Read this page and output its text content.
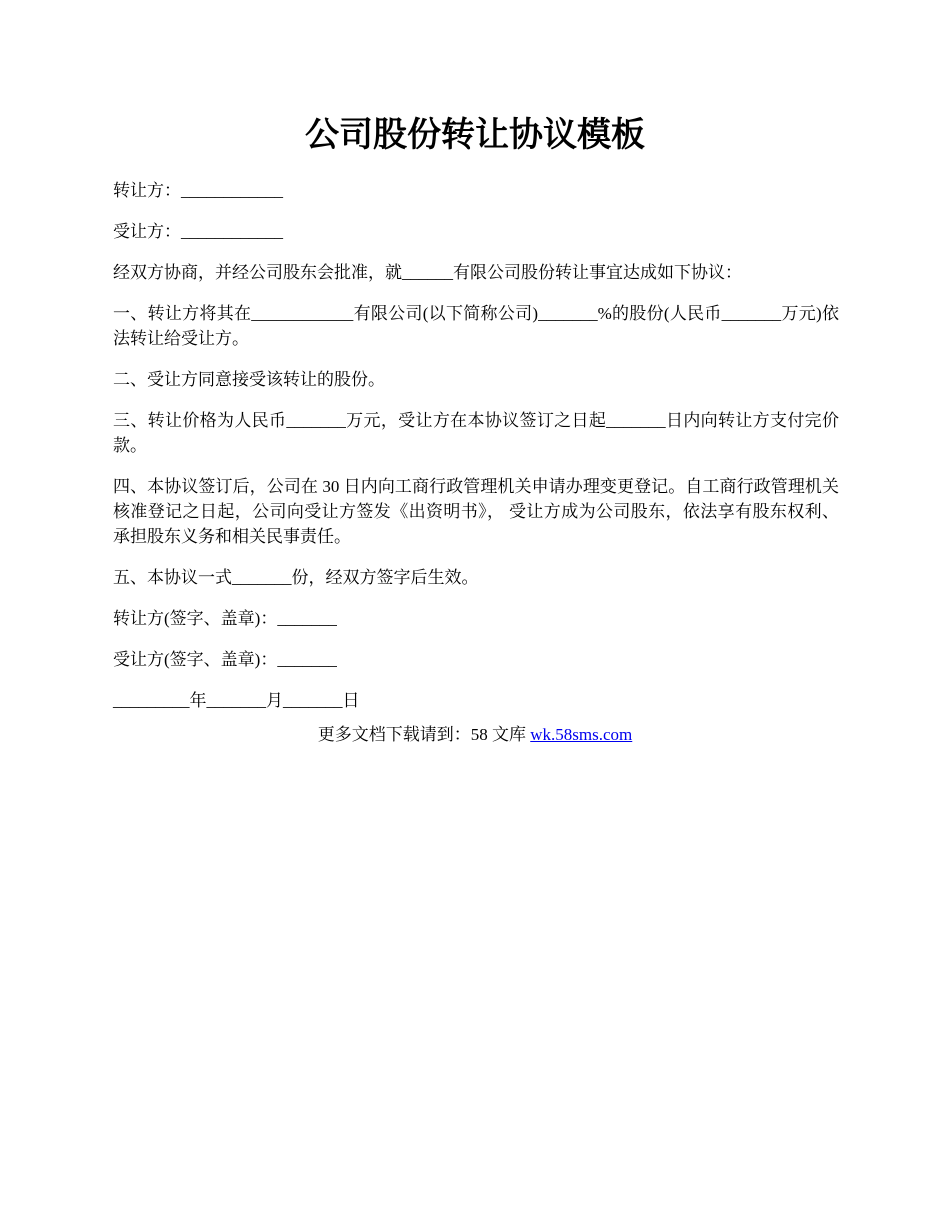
公司股份转让协议模板

转让方：____________

受让方：____________

经双方协商，并经公司股东会批准，就______有限公司股份转让事宜达成如下协议：

一、转让方将其在____________有限公司(以下简称公司)_______%的股份(人民币_______万元)依法转让给受让方。

二、受让方同意接受该转让的股份。

三、转让价格为人民币_______万元，受让方在本协议签订之日起_______日内向转让方支付完价款。

四、本协议签订后，公司在 30 日内向工商行政管理机关申请办理变更登记。自工商行政管理机关核准登记之日起，公司向受让方签发《出资明书》， 受让方成为公司股东，依法享有股东权利、承担股东义务和相关民事责任。

五、本协议一式_______份，经双方签字后生效。

转让方(签字、盖章)：_______

受让方(签字、盖章)：_______

_________年_______月_______日

更多文档下载请到：58 文库 wk.58sms.com
